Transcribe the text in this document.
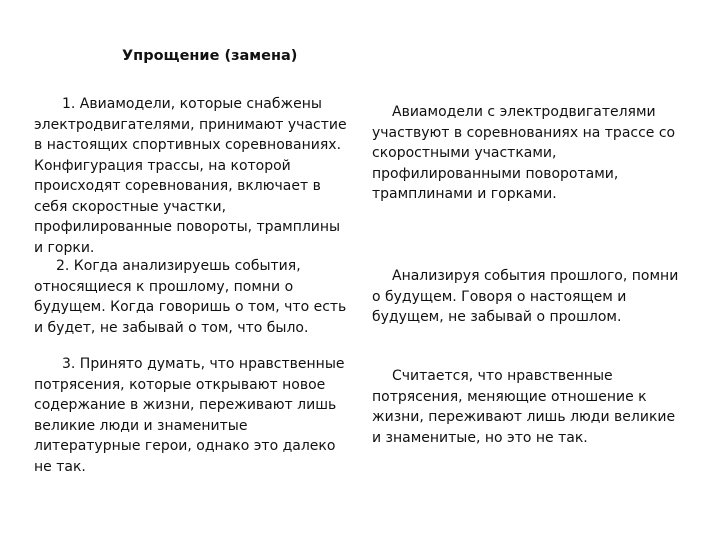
Упрощение (замена)

1. Авиамодели, которые снабжены электродвигателями, принимают участие в настоящих спортивных соревнованиях. Конфигурация трассы, на которой происходят соревнования, включает в себя скоростные участки, профилированные повороты, трамплины и горки.

2. Когда анализируешь события, относящиеся к прошлому, помни о будущем. Когда говоришь о том, что есть и будет, не забывай о том, что было.

3. Принято думать, что нравственные потрясения, которые открывают новое содержание в жизни, переживают лишь великие люди и знаменитые литературные герои, однако это далеко не так.

Авиамодели с электродвигателями участвуют в соревнованиях на трассе со скоростными участками, профилированными поворотами, трамплинами и горками.

Анализируя события прошлого, помни о будущем. Говоря о настоящем и будущем, не забывай о прошлом.

Считается, что нравственные потрясения, меняющие отношение к жизни, переживают лишь люди великие и знаменитые, но это не так.
